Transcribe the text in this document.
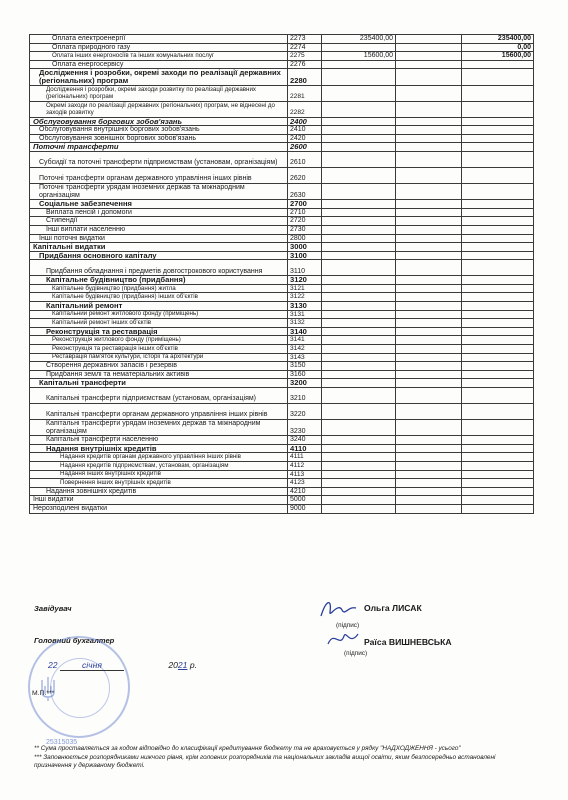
Оплата електроенергії	2273	235400,00		235400,00
Оплата природного газу	2274			0,00
Оплата інших енергоносіїв та інших комунальних послуг	2275	15600,00		15600,00
Оплата енергосервісу	2276			
Дослідження і розробки, окремі заходи по реалізації державних (регіональних) програм	2280			
Дослідження і розробки, окремі заходи розвитку по реалізації державних (регіональних) програм	2281			
Окремі заходи по реалізації державних (регіональних) програм, не віднесені до заходів розвитку	2282			
Обслуговування боргових зобов'язань	2400			
Обслуговування внутрішніх боргових зобов'язань	2410			
Обслуговування зовнішніх боргових зобов'язань	2420			
Поточні трансферти	2600			
Субсидії та поточні трансферти підприємствам (установам, організаціям)	2610			
Поточні трансферти органам державного управління інших рівнів	2620			
Поточні трансферти урядам іноземних держав та міжнародним організаціям	2630			
Соціальне забезпечення	2700			
Виплата пенсій і допомоги	2710			
Стипендії	2720			
Інші виплати населенню	2730			
Інші поточні видатки	2800			
Капітальні видатки	3000			
Придбання основного капіталу	3100			
Придбання обладнання і предметів довгострокового користування	3110			
Капітальне будівництво (придбання)	3120			
Капітальне будівництво (придбання) житла	3121			
Капітальне будівництво (придбання) інших об'єктів	3122			
Капітальний ремонт	3130			
Капітальний ремонт житлового фонду (приміщень)	3131			
Капітальний ремонт інших об'єктів	3132			
Реконструкція та реставрація	3140			
Реконструкція житлового фонду (приміщень)	3141			
Реконструкція та реставрація інших об'єктів	3142			
Реставрація пам'яток культури, історії та архітектури	3143			
Створення державних запасів і резервів	3150			
Придбання землі та нематеріальних активів	3160			
Капітальні трансферти	3200			
Капітальні трансферти підприємствам (установам, організаціям)	3210			
Капітальні трансферти органам державного управління інших рівнів	3220			
Капітальні трансферти урядам іноземних держав та міжнародним організаціям	3230			
Капітальні трансферти населенню	3240			
Надання внутрішніх кредитів	4110			
Надання кредитів органам державного управління інших рівнів	4111			
Надання кредитів підприємствам, установам, організаціям	4112			
Надання інших внутрішніх кредитів	4113			
Повернення інших внутрішніх кредитів	4123			
Надання зовнішніх кредитів	4210			
Інші видатки	5000			
Нерозподілені видатки	9000			
Завідувач
(підпис)
Ольга ЛИСАК
Головний бухгалтер
(підпис)
Раїса ВИШНЕВСЬКА
25315035
22	січня	2021 р.
М.П.***
** Сума проставляється за кодом відповідно до класифікації кредитування бюджету та не враховується у рядку "НАДХОДЖЕННЯ - усього"
*** Заповнюється розпорядниками нижчого рівня, крім головних розпорядників та національних закладів вищої освіти, яким безпосередньо встановлені призначення у державному бюджеті.
